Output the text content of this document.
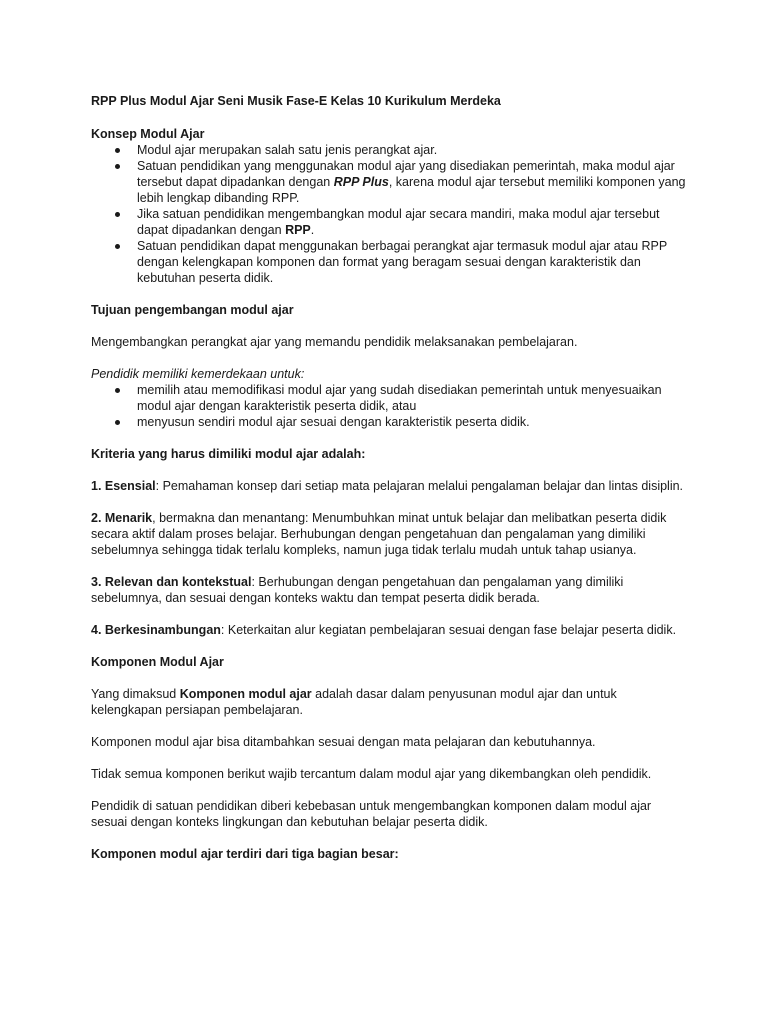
RPP Plus Modul Ajar Seni Musik Fase-E Kelas 10 Kurikulum Merdeka

Konsep Modul Ajar

Modul ajar merupakan salah satu jenis perangkat ajar.
Satuan pendidikan yang menggunakan modul ajar yang disediakan pemerintah, maka modul ajar tersebut dapat dipadankan dengan RPP Plus, karena modul ajar tersebut memiliki komponen yang lebih lengkap dibanding RPP.
Jika satuan pendidikan mengembangkan modul ajar secara mandiri, maka modul ajar tersebut dapat dipadankan dengan RPP.
Satuan pendidikan dapat menggunakan berbagai perangkat ajar termasuk modul ajar atau RPP dengan kelengkapan komponen dan format yang beragam sesuai dengan karakteristik dan kebutuhan peserta didik.

Tujuan pengembangan modul ajar

Mengembangkan perangkat ajar yang memandu pendidik melaksanakan pembelajaran.

Pendidik memiliki kemerdekaan untuk:

memilih atau memodifikasi modul ajar yang sudah disediakan pemerintah untuk menyesuaikan modul ajar dengan karakteristik peserta didik, atau
menyusun sendiri modul ajar sesuai dengan karakteristik peserta didik.

Kriteria yang harus dimiliki modul ajar adalah:

1. Esensial: Pemahaman konsep dari setiap mata pelajaran melalui pengalaman belajar dan lintas disiplin.

2. Menarik, bermakna dan menantang: Menumbuhkan minat untuk belajar dan melibatkan peserta didik secara aktif dalam proses belajar. Berhubungan dengan pengetahuan dan pengalaman yang dimiliki sebelumnya sehingga tidak terlalu kompleks, namun juga tidak terlalu mudah untuk tahap usianya.

3. Relevan dan kontekstual: Berhubungan dengan pengetahuan dan pengalaman yang dimiliki sebelumnya, dan sesuai dengan konteks waktu dan tempat peserta didik berada.

4. Berkesinambungan: Keterkaitan alur kegiatan pembelajaran sesuai dengan fase belajar peserta didik.

Komponen Modul Ajar

Yang dimaksud Komponen modul ajar adalah dasar dalam penyusunan modul ajar dan untuk kelengkapan persiapan pembelajaran.

Komponen modul ajar bisa ditambahkan sesuai dengan mata pelajaran dan kebutuhannya.

Tidak semua komponen berikut wajib tercantum dalam modul ajar yang dikembangkan oleh pendidik.

Pendidik di satuan pendidikan diberi kebebasan untuk mengembangkan komponen dalam modul ajar sesuai dengan konteks lingkungan dan kebutuhan belajar peserta didik.

Komponen modul ajar terdiri dari tiga bagian besar:
